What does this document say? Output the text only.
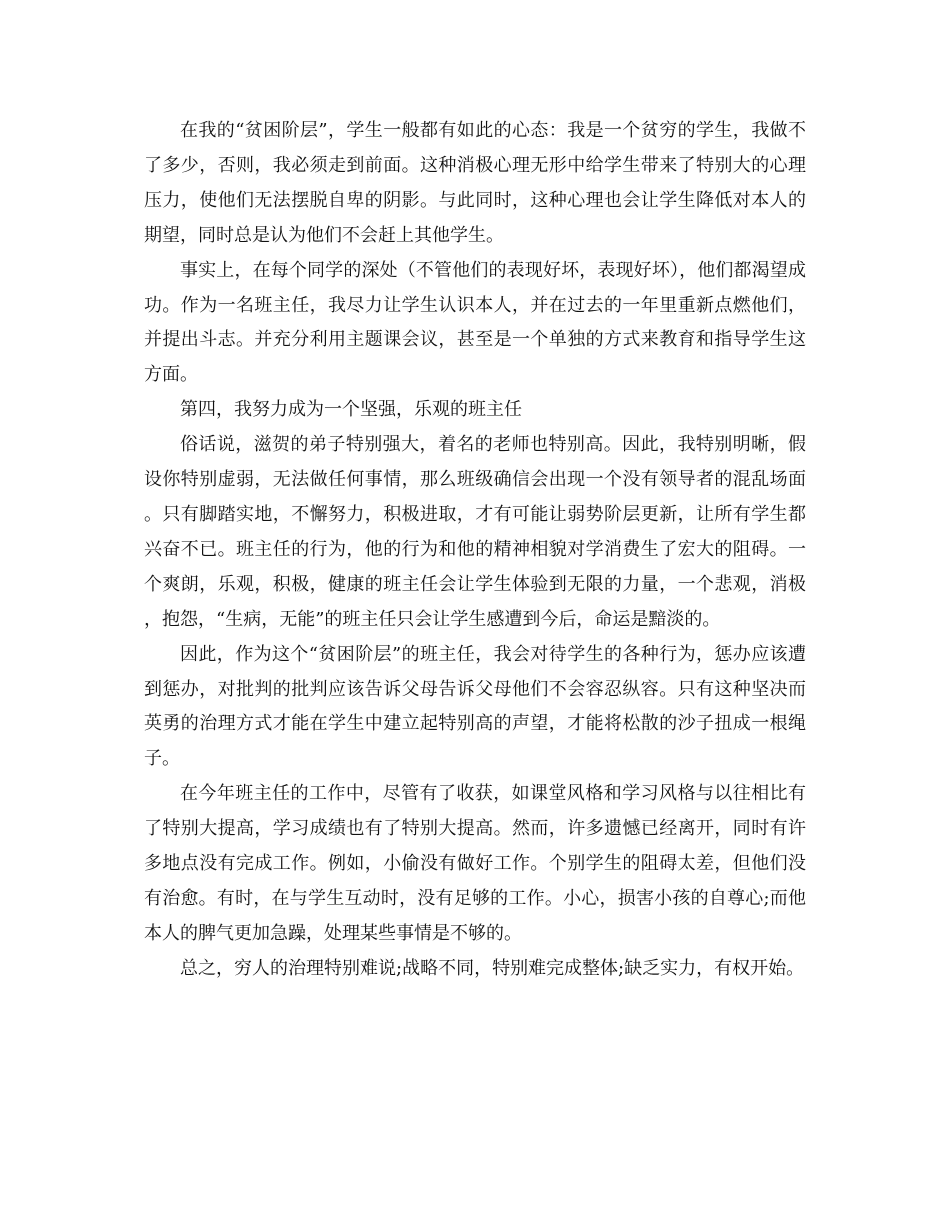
在我的“贫困阶层”，学生一般都有如此的心态：我是一个贫穷的学生，我做不了多少，否则，我必须走到前面。这种消极心理无形中给学生带来了特别大的心理压力，使他们无法摆脱自卑的阴影。与此同时，这种心理也会让学生降低对本人的期望，同时总是认为他们不会赶上其他学生。

事实上，在每个同学的深处（不管他们的表现好坏，表现好坏），他们都渴望成功。作为一名班主任，我尽力让学生认识本人，并在过去的一年里重新点燃他们，并提出斗志。并充分利用主题课会议，甚至是一个单独的方式来教育和指导学生这方面。

第四，我努力成为一个坚强，乐观的班主任

俗话说，滋贺的弟子特别强大，着名的老师也特别高。因此，我特别明晰，假设你特别虚弱，无法做任何事情，那么班级确信会出现一个没有领导者的混乱场面。只有脚踏实地，不懈努力，积极进取，才有可能让弱势阶层更新，让所有学生都兴奋不已。班主任的行为，他的行为和他的精神相貌对学消费生了宏大的阻碍。一个爽朗，乐观，积极，健康的班主任会让学生体验到无限的力量，一个悲观，消极，抱怨，“生病，无能”的班主任只会让学生感遭到今后，命运是黯淡的。

因此，作为这个“贫困阶层”的班主任，我会对待学生的各种行为，惩办应该遭到惩办，对批判的批判应该告诉父母告诉父母他们不会容忍纵容。只有这种坚决而英勇的治理方式才能在学生中建立起特别高的声望，才能将松散的沙子扭成一根绳子。

在今年班主任的工作中，尽管有了收获，如课堂风格和学习风格与以往相比有了特别大提高，学习成绩也有了特别大提高。然而，许多遗憾已经离开，同时有许多地点没有完成工作。例如，小偷没有做好工作。个别学生的阻碍太差，但他们没有治愈。有时，在与学生互动时，没有足够的工作。小心，损害小孩的自尊心;而他本人的脾气更加急躁，处理某些事情是不够的。

总之，穷人的治理特别难说;战略不同，特别难完成整体;缺乏实力，有权开始。
